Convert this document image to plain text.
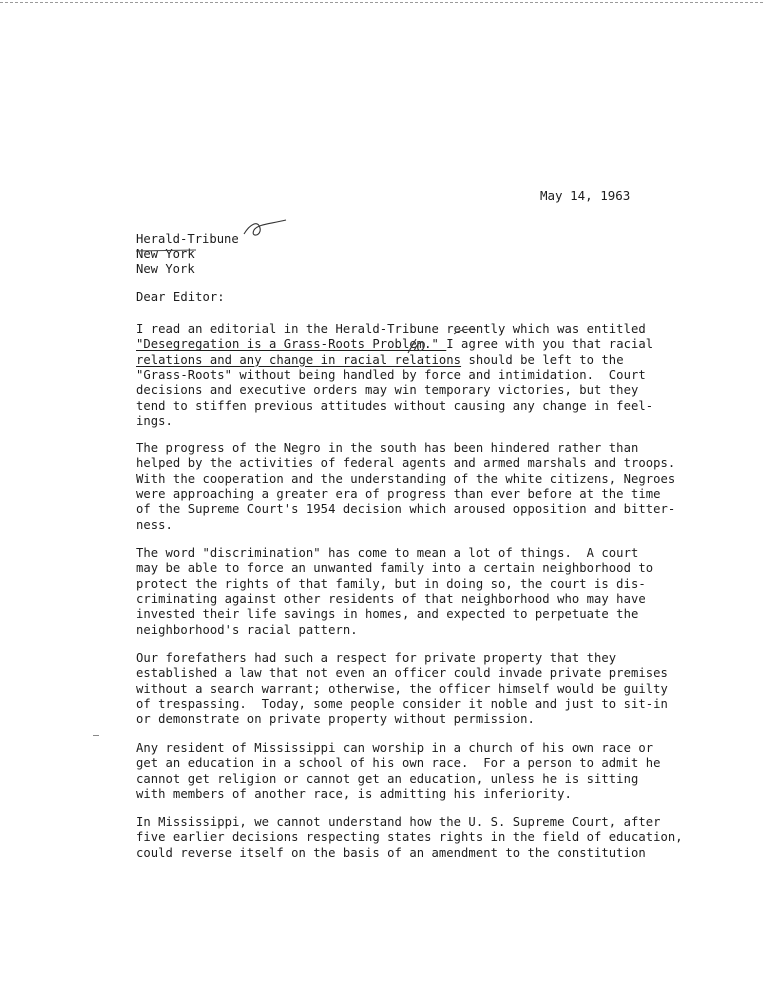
May 14, 1963
Herald-Tribune
New York
New York
Dear Editor:
I read an editorial in the Herald-Tribune recently which was entitled
"Desegregation is a Grass-Roots Problem." I agree with you that racial
relations and any change in racial relations should be left to the
"Grass-Roots" without being handled by force and intimidation.  Court
decisions and executive orders may win temporary victories, but they
tend to stiffen previous attitudes without causing any change in feel-
ings.
The progress of the Negro in the south has been hindered rather than
helped by the activities of federal agents and armed marshals and troops.
With the cooperation and the understanding of the white citizens, Negroes
were approaching a greater era of progress than ever before at the time
of the Supreme Court's 1954 decision which aroused opposition and bitter-
ness.
The word "discrimination" has come to mean a lot of things.  A court
may be able to force an unwanted family into a certain neighborhood to
protect the rights of that family, but in doing so, the court is dis-
criminating against other residents of that neighborhood who may have
invested their life savings in homes, and expected to perpetuate the
neighborhood's racial pattern.
Our forefathers had such a respect for private property that they
established a law that not even an officer could invade private premises
without a search warrant; otherwise, the officer himself would be guilty
of trespassing.  Today, some people consider it noble and just to sit-in
or demonstrate on private property without permission.
Any resident of Mississippi can worship in a church of his own race or
get an education in a school of his own race.  For a person to admit he
cannot get religion or cannot get an education, unless he is sitting
with members of another race, is admitting his inferiority.
In Mississippi, we cannot understand how the U. S. Supreme Court, after
five earlier decisions respecting states rights in the field of education,
could reverse itself on the basis of an amendment to the constitution
